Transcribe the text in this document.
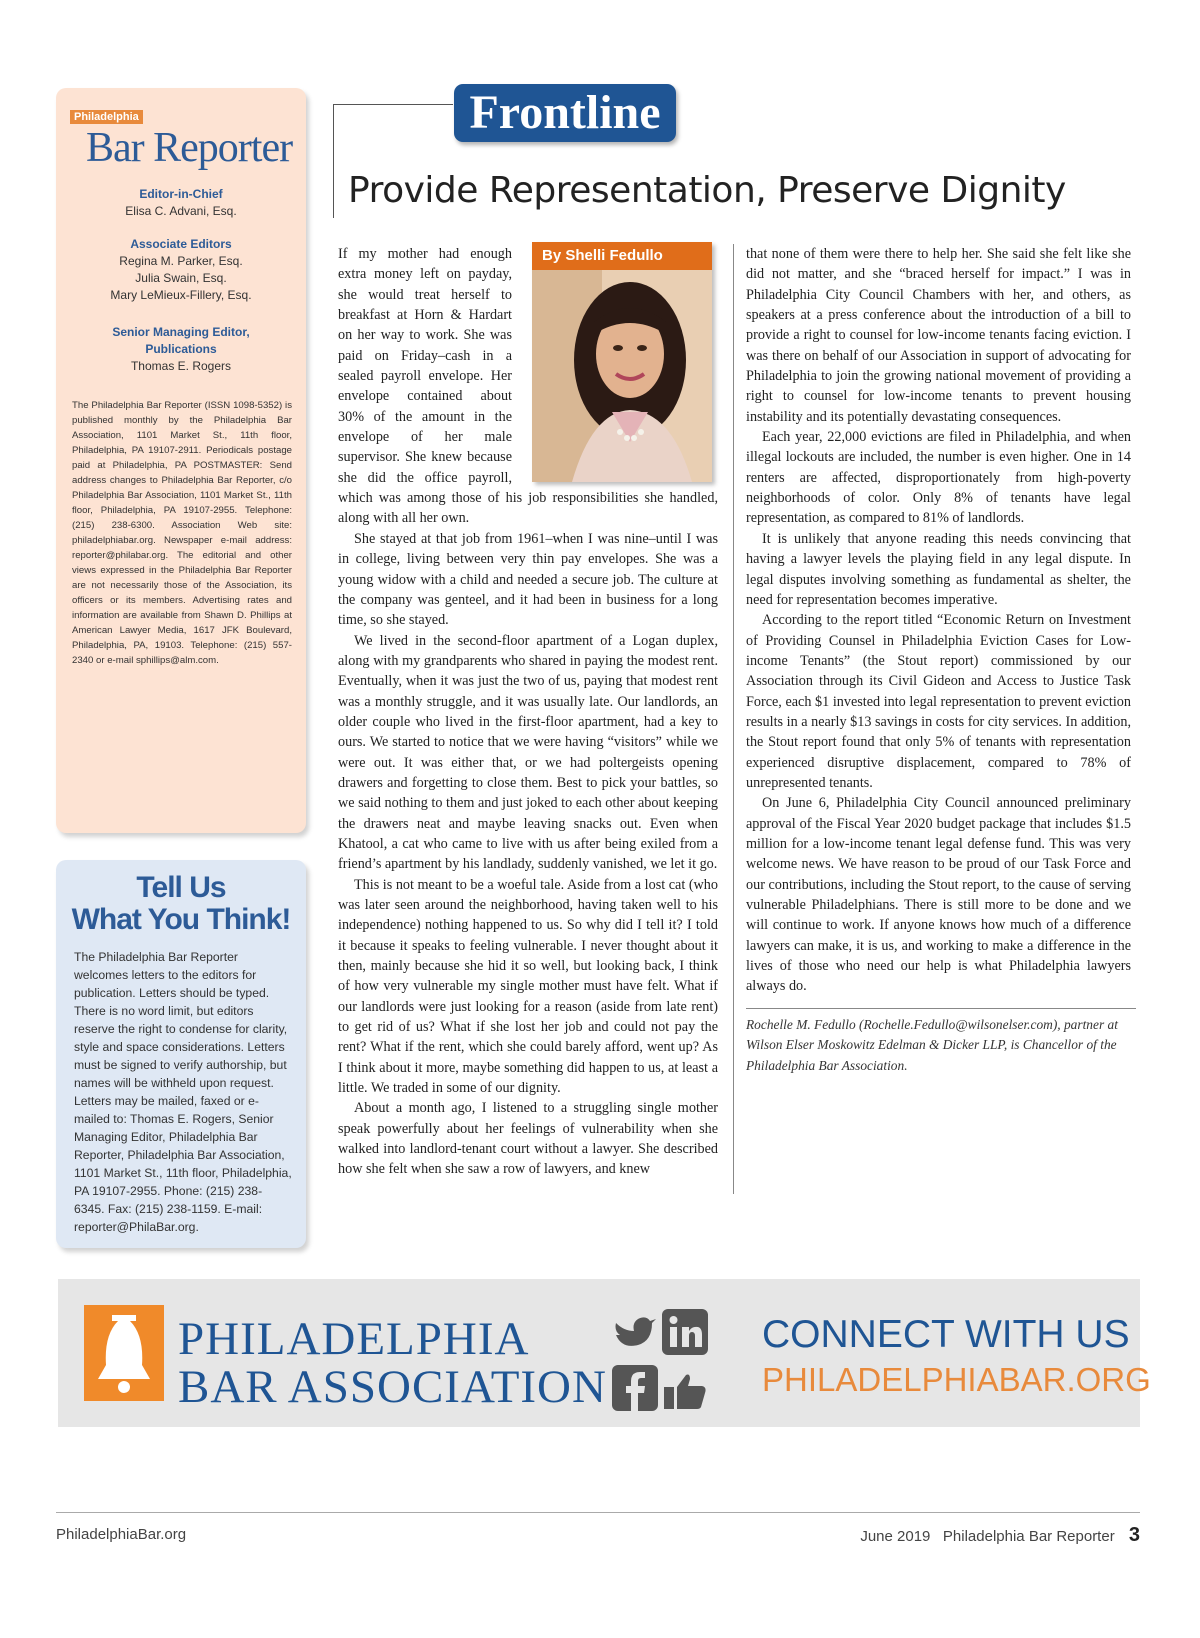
Philadelphia
Bar Reporter
Editor-in-Chief
Elisa C. Advani, Esq.
Associate Editors
Regina M. Parker, Esq.
Julia Swain, Esq.
Mary LeMieux-Fillery, Esq.
Senior Managing Editor,
Publications
Thomas E. Rogers
The Philadelphia Bar Reporter (ISSN 1098-5352) is published monthly by the Philadelphia Bar Association, 1101 Market St., 11th floor, Philadelphia, PA 19107-2911. Periodicals postage paid at Philadelphia, PA POSTMASTER: Send address changes to Philadelphia Bar Reporter, c/o Philadelphia Bar Association, 1101 Market St., 11th floor, Philadelphia, PA 19107-2955. Telephone: (215) 238-6300. Association Web site: philadelphiabar.org. Newspaper e-mail address: reporter@philabar.org. The editorial and other views expressed in the Philadelphia Bar Reporter are not necessarily those of the Association, its officers or its members. Advertising rates and information are available from Shawn D. Phillips at American Lawyer Media, 1617 JFK Boulevard, Philadelphia, PA, 19103. Telephone: (215) 557-2340 or e-mail sphillips@alm.com.
Tell Us
What You Think!
The Philadelphia Bar Reporter welcomes letters to the editors for publication. Letters should be typed. There is no word limit, but editors reserve the right to condense for clarity, style and space considerations. Letters must be signed to verify authorship, but names will be withheld upon request. Letters may be mailed, faxed or e-mailed to: Thomas E. Rogers, Senior Managing Editor, Philadelphia Bar Reporter, Philadelphia Bar Association, 1101 Market St., 11th floor, Philadelphia, PA 19107-2955. Phone: (215) 238-6345. Fax: (215) 238-1159. E-mail: reporter@PhilaBar.org.
Frontline
Provide Representation, Preserve Dignity
By Shelli Fedullo

If my mother had enough extra money left on payday, she would treat herself to breakfast at Horn & Hardart on her way to work. She was paid on Friday–cash in a sealed payroll envelope. Her envelope contained about 30% of the amount in the envelope of her male supervisor. She knew because she did the office payroll, which was among those of his job responsibilities she handled, along with all her own.

She stayed at that job from 1961–when I was nine–until I was in college, living between very thin pay envelopes. She was a young widow with a child and needed a secure job. The culture at the company was genteel, and it had been in business for a long time, so she stayed.

We lived in the second-floor apartment of a Logan duplex, along with my grandparents who shared in paying the modest rent. Eventually, when it was just the two of us, paying that modest rent was a monthly struggle, and it was usually late. Our landlords, an older couple who lived in the first-floor apartment, had a key to ours. We started to notice that we were having “visitors” while we were out. It was either that, or we had poltergeists opening drawers and forgetting to close them. Best to pick your battles, so we said nothing to them and just joked to each other about keeping the drawers neat and maybe leaving snacks out. Even when Khatool, a cat who came to live with us after being exiled from a friend’s apartment by his landlady, suddenly vanished, we let it go.

This is not meant to be a woeful tale. Aside from a lost cat (who was later seen around the neighborhood, having taken well to his independence) nothing happened to us. So why did I tell it? I told it because it speaks to feeling vulnerable. I never thought about it then, mainly because she hid it so well, but looking back, I think of how very vulnerable my single mother must have felt. What if our landlords were just looking for a reason (aside from late rent) to get rid of us? What if she lost her job and could not pay the rent? What if the rent, which she could barely afford, went up? As I think about it more, maybe something did happen to us, at least a little. We traded in some of our dignity.

About a month ago, I listened to a struggling single mother speak powerfully about her feelings of vulnerability when she walked into landlord-tenant court without a lawyer. She described how she felt when she saw a row of lawyers, and knew

that none of them were there to help her. She said she felt like she did not matter, and she “braced herself for impact.” I was in Philadelphia City Council Chambers with her, and others, as speakers at a press conference about the introduction of a bill to provide a right to counsel for low-income tenants facing eviction. I was there on behalf of our Association in support of advocating for Philadelphia to join the growing national movement of providing a right to counsel for low-income tenants to prevent housing instability and its potentially devastating consequences.

Each year, 22,000 evictions are filed in Philadelphia, and when illegal lockouts are included, the number is even higher. One in 14 renters are affected, disproportionately from high-poverty neighborhoods of color. Only 8% of tenants have legal representation, as compared to 81% of landlords.

It is unlikely that anyone reading this needs convincing that having a lawyer levels the playing field in any legal dispute. In legal disputes involving something as fundamental as shelter, the need for representation becomes imperative.

According to the report titled “Economic Return on Investment of Providing Counsel in Philadelphia Eviction Cases for Low-income Tenants” (the Stout report) commissioned by our Association through its Civil Gideon and Access to Justice Task Force, each $1 invested into legal representation to prevent eviction results in a nearly $13 savings in costs for city services. In addition, the Stout report found that only 5% of tenants with representation experienced disruptive displacement, compared to 78% of unrepresented tenants.

On June 6, Philadelphia City Council announced preliminary approval of the Fiscal Year 2020 budget package that includes $1.5 million for a low-income tenant legal defense fund. This was very welcome news. We have reason to be proud of our Task Force and our contributions, including the Stout report, to the cause of serving vulnerable Philadelphians. There is still more to be done and we will continue to work. If anyone knows how much of a difference lawyers can make, it is us, and working to make a difference in the lives of those who need our help is what Philadelphia lawyers always do.

Rochelle M. Fedullo (Rochelle.Fedullo@wilsonelser.com), partner at Wilson Elser Moskowitz Edelman & Dicker LLP, is Chancellor of the Philadelphia Bar Association.
PHILADELPHIA
BAR ASSOCIATION
CONNECT WITH US
PHILADELPHIABAR.ORG
PhiladelphiaBar.org	June 2019 Philadelphia Bar Reporter 3
